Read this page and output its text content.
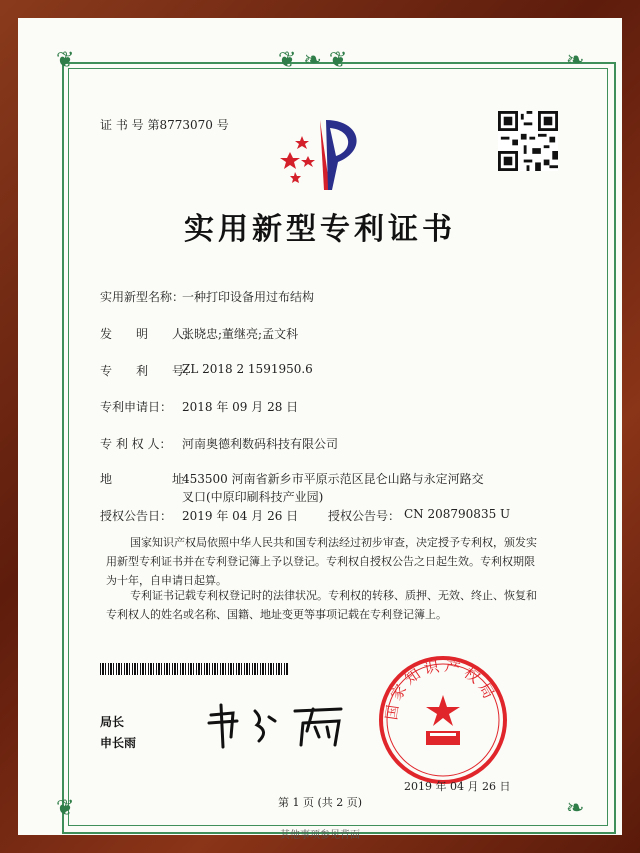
❦ ❧ ❦
❦	❧
❦	❧
证 书 号 第8773070 号
实用新型专利证书
实用新型名称：
一种打印设备用过布结构
发　　明　　人：
张晓忠;董继亮;孟文科
专　　利　　号：
ZL 2018 2 1591950.6
专利申请日： 2018 年 09 月 28 日
专 利 权 人： 河南奥德利数码科技有限公司
地　　　　　址：
453500 河南省新乡市平原示范区昆仑山路与永定河路交
叉口(中原印刷科技产业园)
授权公告日： 2019 年 04 月 26 日 授权公告号： CN 208790835 U
国家知识产权局依照中华人民共和国专利法经过初步审查，决定授予专利权，颁发实用新型专利证书并在专利登记簿上予以登记。专利权自授权公告之日起生效。专利权期限为十年，自申请日起算。
专利证书记载专利权登记时的法律状况。专利权的转移、质押、无效、终止、恢复和专利权人的姓名或名称、国籍、地址变更等事项记载在专利登记簿上。
局长
申长雨
申长雨	国家知识产权局
2019 年 04 月 26 日
第 1 页 (共 2 页)
其他事项参见背面
